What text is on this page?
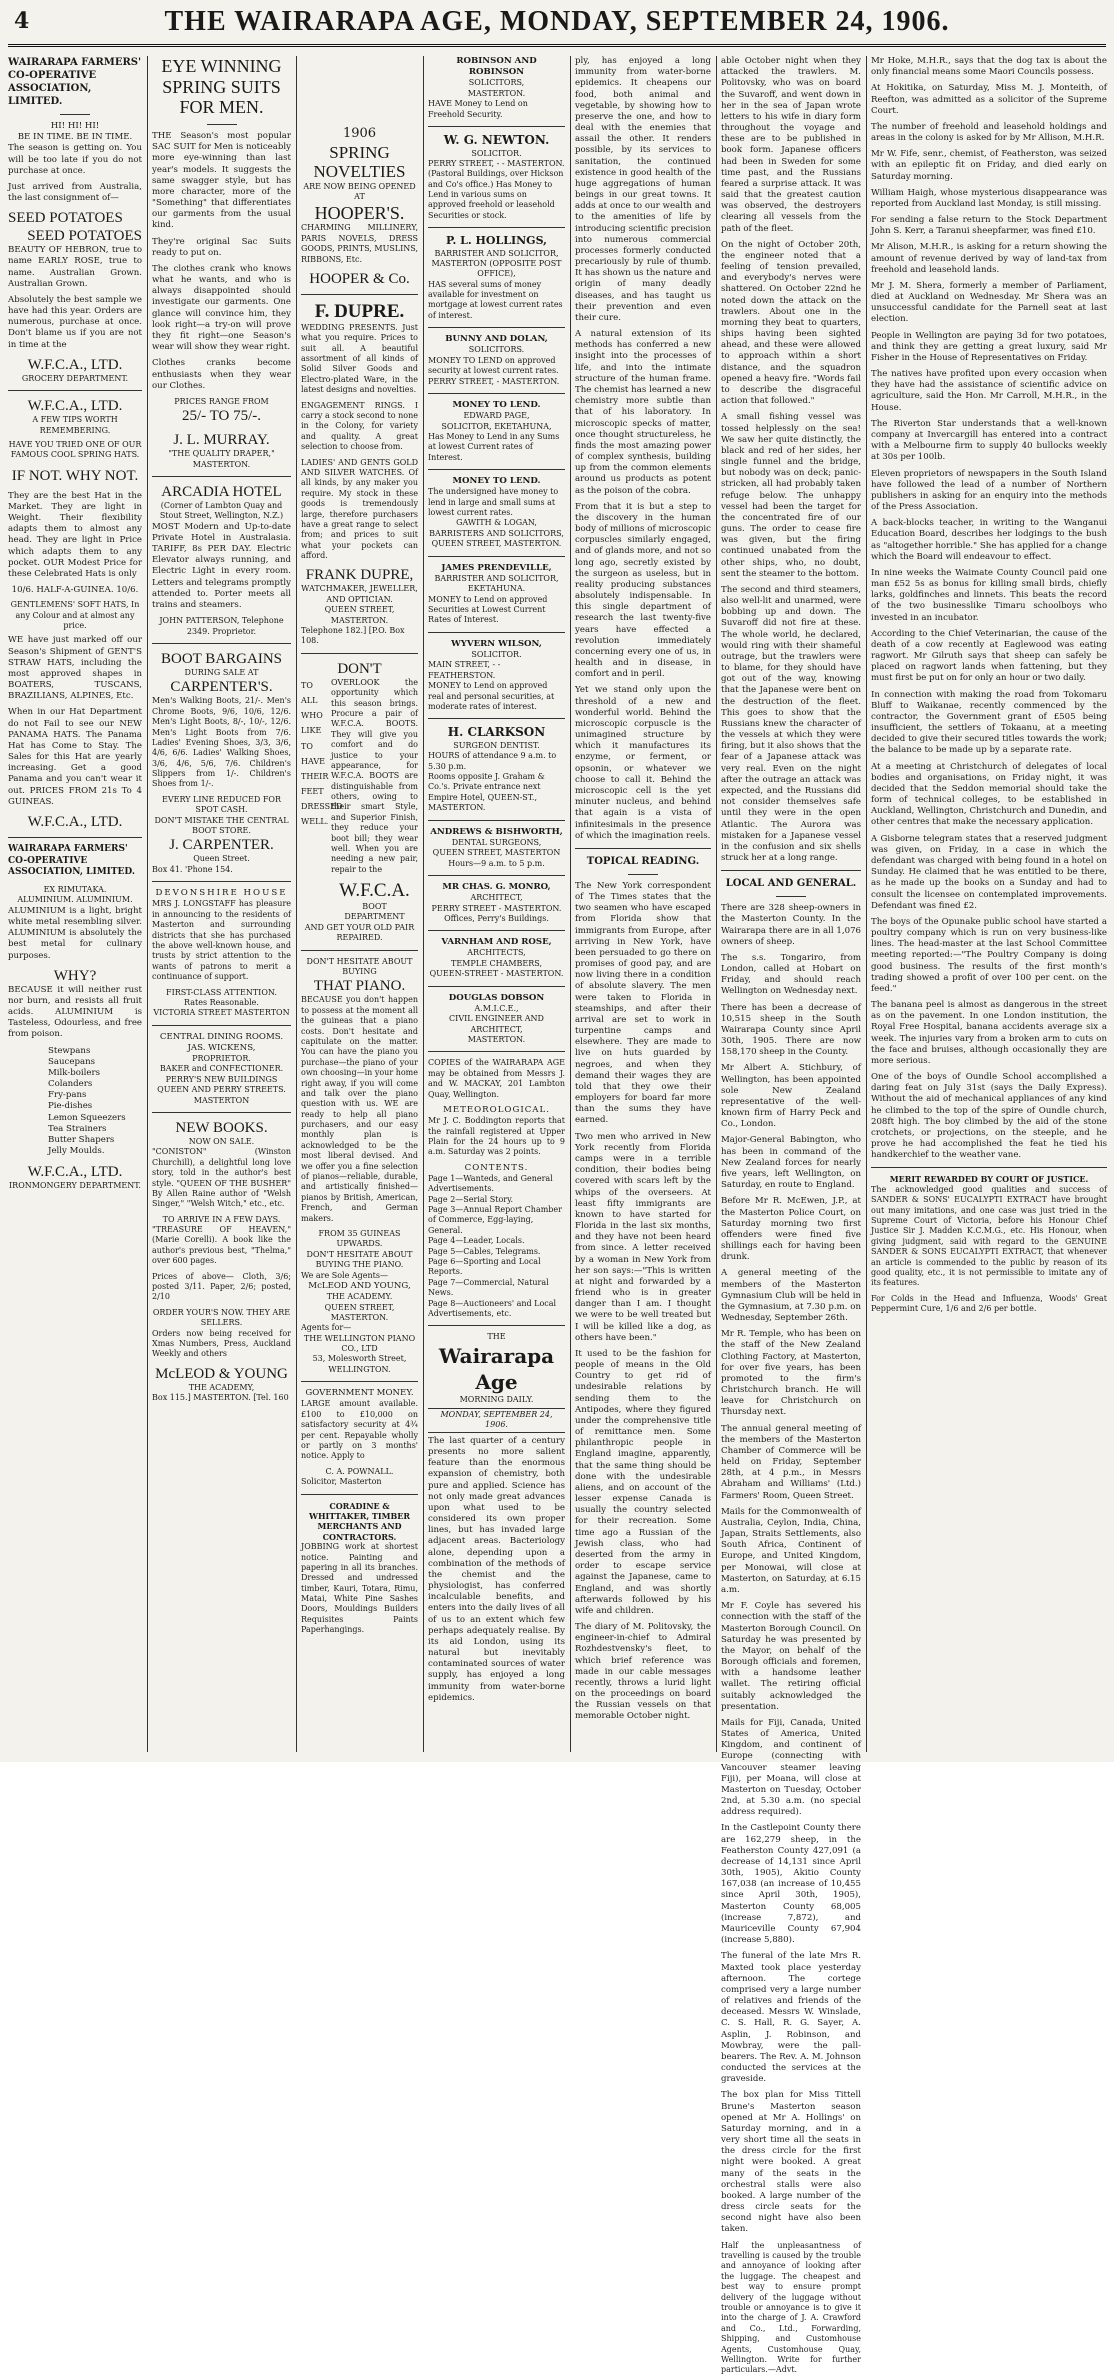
4	THE WAIRARAPA AGE, MONDAY, SEPTEMBER 24, 1906.
WAIRARAPA FARMERS' CO-OPERATIVE ASSOCIATION, LIMITED.
HI! HI! HI!
BE IN TIME. BE IN TIME.

The season is getting on. You will be too late if you do not purchase at once.

Just arrived from Australia, the last consignment of—

SEED POTATOES
SEED POTATOES

BEAUTY OF HEBRON, true to name EARLY ROSE, true to name. Australian Grown. Australian Grown.

Absolutely the best sample we have had this year. Orders are numerous, purchase at once. Don't blame us if you are not in time at the

W.F.C.A., LTD.
GROCERY DEPARTMENT.
W.F.C.A., LTD.
A FEW TIPS WORTH REMEMBERING.
HAVE YOU TRIED ONE OF OUR FAMOUS COOL SPRING HATS.
IF NOT. WHY NOT.

They are the best Hat in the Market. They are light in Weight. Their flexibility adapts them to almost any head. They are light in Price which adapts them to any pocket. OUR Modest Price for these Celebrated Hats is only

10/6. HALF-A-GUINEA. 10/6.
GENTLEMENS' SOFT HATS, In any Colour and at almost any price.

WE have just marked off our Season's Shipment of GENT'S STRAW HATS, including the most approved shapes in BOATERS, TUSCANS, BRAZILIANS, ALPINES, Etc.

When in our Hat Department do not Fail to see our NEW PANAMA HATS. The Panama Hat has Come to Stay. The Sales for this Hat are yearly increasing. Get a good Panama and you can't wear it out. PRICES FROM 21s To 4 GUINEAS.

W.F.C.A., LTD.
WAIRARAPA FARMERS' CO-OPERATIVE ASSOCIATION, LIMITED.
EX RIMUTAKA.
ALUMINIUM. ALUMINIUM.

ALUMINIUM is a light, bright white metal resembling silver. ALUMINIUM is absolutely the best metal for culinary purposes.

WHY?

BECAUSE it will neither rust nor burn, and resists all fruit acids. ALUMINIUM is Tasteless, Odourless, and free from poison.

Stewpans
Saucepans
Milk-boilers
Colanders
Fry-pans
Pie-dishes
Lemon Squeezers
Tea Strainers
Butter Shapers
Jelly Moulds.
W.F.C.A., LTD.
IRONMONGERY DEPARTMENT.
EYE WINNING SPRING SUITS FOR MEN.

THE Season's most popular SAC SUIT for Men is noticeably more eye-winning than last year's models. It suggests the same swagger style, but has more character, more of the "Something" that differentiates our garments from the usual kind.

They're original Sac Suits ready to put on.

The clothes crank who knows what he wants, and who is always disappointed should investigate our garments. One glance will convince him, they look right—a try-on will prove they fit right—one Season's wear will show they wear right.

Clothes cranks become enthusiasts when they wear our Clothes.

PRICES RANGE FROM
25/- TO 75/-.
J. L. MURRAY.
"THE QUALITY DRAPER,"
MASTERTON.
ARCADIA HOTEL
(Corner of Lambton Quay and Stout Street, Wellington, N.Z.)

MOST Modern and Up-to-date Private Hotel in Australasia. TARIFF, 8s PER DAY. Electric Elevator always running, and Electric Light in every room. Letters and telegrams promptly attended to. Porter meets all trains and steamers.

JOHN PATTERSON, Telephone 2349. Proprietor.
BOOT BARGAINS
DURING SALE AT
CARPENTER'S.

Men's Walking Boots, 21/-. Men's Chrome Boots, 9/6, 10/6, 12/6. Men's Light Boots, 8/-, 10/-, 12/6. Men's Light Boots from 7/6. Ladies' Evening Shoes, 3/3, 3/6, 4/6, 6/6. Ladies' Walking Shoes, 3/6, 4/6, 5/6, 7/6. Children's Slippers from 1/-. Children's Shoes from 1/-.

EVERY LINE REDUCED FOR SPOT CASH.
DON'T MISTAKE THE CENTRAL BOOT STORE.
J. CARPENTER.
Queen Street.
Box 41. 'Phone 154.
DEVONSHIRE HOUSE

MRS J. LONGSTAFF has pleasure in announcing to the residents of Masterton and surrounding districts that she has purchased the above well-known house, and trusts by strict attention to the wants of patrons to merit a continuance of support.

FIRST-CLASS ATTENTION.
Rates Reasonable.
VICTORIA STREET MASTERTON
CENTRAL DINING ROOMS.
JAS. WICKENS,
PROPRIETOR.
BAKER and CONFECTIONER.
PERRY'S NEW BUILDINGS
QUEEN AND PERRY STREETS.
MASTERTON
NEW BOOKS.
NOW ON SALE.

"CONISTON" (Winston Churchill), a delightful long love story, told in the author's best style. "QUEEN OF THE BUSHER" By Allen Raine author of "Welsh Singer," "Welsh Witch," etc., etc.

TO ARRIVE IN A FEW DAYS.

"TREASURE OF HEAVEN," (Marie Corelli). A book like the author's previous best, "Thelma," over 600 pages.

Prices of above— Cloth, 3/6; posted 3/11. Paper, 2/6; posted, 2/10

ORDER YOUR'S NOW. THEY ARE SELLERS.

Orders now being received for Xmas Numbers, Press, Auckland Weekly and others

McLEOD & YOUNG
THE ACADEMY,
Box 115.] MASTERTON. [Tel. 160
1906
SPRING NOVELTIES
ARE NOW BEING OPENED AT
HOOPER'S.

CHARMING MILLINERY, PARIS NOVELS, DRESS GOODS, PRINTS, MUSLINS, RIBBONS, Etc.

HOOPER & Co.
F. DUPRE.

WEDDING PRESENTS. Just what you require. Prices to suit all. A beautiful assortment of all kinds of Solid Silver Goods and Electro-plated Ware, in the latest designs and novelties.

ENGAGEMENT RINGS. I carry a stock second to none in the Colony, for variety and quality. A great selection to choose from.

LADIES' AND GENTS GOLD AND SILVER WATCHES. Of all kinds, by any maker you require. My stock in these goods is tremendously large, therefore purchasers have a great range to select from; and prices to suit what your pockets can afford.

FRANK DUPRE,
WATCHMAKER, JEWELLER, AND OPTICIAN.
QUEEN STREET, MASTERTON.
Telephone 182.] [P.O. Box 108.
DON'T
TO
ALL
WHO
LIKE
TO
HAVE
THEIR
FEET
DRESSED
WELL.

OVERLOOK the opportunity which this season brings. Procure a pair of W.F.C.A. BOOTS. They will give you comfort and do justice to your appearance, for W.F.C.A. BOOTS are distinguishable from others, owing to their smart Style, and Superior Finish, they reduce your boot bill; they wear well. When you are needing a new pair, repair to the

W.F.C.A.
BOOT DEPARTMENT
AND GET YOUR OLD PAIR REPAIRED.
DON'T HESITATE ABOUT BUYING
THAT PIANO.

BECAUSE you don't happen to possess at the moment all the guineas that a piano costs. Don't hesitate and capitulate on the matter. You can have the piano you purchase—the piano of your own choosing—in your home right away, if you will come and talk over the piano question with us. WE are ready to help all piano purchasers, and our easy monthly plan is acknowledged to be the most liberal devised. And we offer you a fine selection of pianos—reliable, durable, and artistically finished—pianos by British, American, French, and German makers.

FROM 35 GUINEAS UPWARDS.
DON'T HESITATE ABOUT BUYING THE PIANO.
We are Sole Agents—
McLEOD AND YOUNG,
THE ACADEMY.
QUEEN STREET, MASTERTON.
Agents for—
THE WELLINGTON PIANO CO., LTD
53, Molesworth Street,
WELLINGTON.
GOVERNMENT MONEY.

LARGE amount available. £100 to £10,000 on satisfactory security at 4¾ per cent. Repayable wholly or partly on 3 months' notice. Apply to

C. A. POWNALL.
Solicitor, Masterton
CORADINE & WHITTAKER, TIMBER MERCHANTS AND CONTRACTORS.

JOBBING work at shortest notice. Painting and papering in all its branches. Dressed and undressed timber, Kauri, Totara, Rimu, Matai, White Pine Sashes Doors, Mouldings Builders Requisites Paints Paperhangings.

ROBINSON AND ROBINSON
SOLICITORS,
MASTERTON.
HAVE Money to Lend on Freehold Security.
W. G. NEWTON.
SOLICITOR.
PERRY STREET, - - MASTERTON.
(Pastoral Buildings, over Hickson and Co's office.) Has Money to Lend in various sums on approved freehold or leasehold Securities or stock.
P. L. HOLLINGS,
BARRISTER AND SOLICITOR,
MASTERTON (OPPOSITE POST OFFICE),
HAS several sums of money available for investment on mortgage at lowest current rates of interest.
BUNNY AND DOLAN,
SOLICITORS.
MONEY TO LEND on approved security at lowest current rates.
PERRY STREET, - MASTERTON.
MONEY TO LEND.
EDWARD PAGE,
SOLICITOR, EKETAHUNA,
Has Money to Lend in any Sums at lowest Current rates of Interest.
MONEY TO LEND.
The undersigned have money to lend in large and small sums at lowest current rates.
GAWITH & LOGAN,
BARRISTERS AND SOLICITORS, QUEEN STREET, MASTERTON.
JAMES PRENDEVILLE,
BARRISTER AND SOLICITOR,
EKETAHUNA.
MONEY to Lend on approved Securities at Lowest Current Rates of Interest.
WYVERN WILSON,
SOLICITOR.
MAIN STREET, - - FEATHERSTON.
MONEY to Lend on approved real and personal securities, at moderate rates of interest.
H. CLARKSON
SURGEON DENTIST.
HOURS of attendance 9 a.m. to 5.30 p.m.
Rooms opposite J. Graham & Co.'s. Private entrance next Empire Hotel, QUEEN-ST., MASTERTON.
ANDREWS & BISHWORTH,
DENTAL SURGEONS,
QUEEN STREET, MASTERTON
Hours—9 a.m. to 5 p.m.
MR CHAS. G. MONRO,
ARCHITECT,
PERRY STREET - MASTERTON.
Offices, Perry's Buildings.
VARNHAM AND ROSE,
ARCHITECTS,
TEMPLE CHAMBERS,
QUEEN-STREET - MASTERTON.
DOUGLAS DOBSON
A.M.I.C.E.,
CIVIL ENGINEER AND ARCHITECT,
MASTERTON.

COPIES of the WAIRARAPA AGE may be obtained from Messrs J. and W. MACKAY, 201 Lambton Quay, Wellington.

METEOROLOGICAL.

Mr J. C. Boddington reports that the rainfall registered at Upper Plain for the 24 hours up to 9 a.m. Saturday was 2 points.

CONTENTS.
Page 1—Wanteds, and General Advertisements.
Page 2—Serial Story.
Page 3—Annual Report Chamber of Commerce, Egg-laying, General.
Page 4—Leader, Locals.
Page 5—Cables, Telegrams.
Page 6—Sporting and Local Reports.
Page 7—Commercial, Natural News.
Page 8—Auctioneers' and Local Advertisements, etc.
THE
Wairarapa Age
MORNING DAILY.
MONDAY, SEPTEMBER 24, 1906.

The last quarter of a century presents no more salient feature than the enormous expansion of chemistry, both pure and applied. Science has not only made great advances upon what used to be considered its own proper lines, but has invaded large adjacent areas. Bacteriology alone, depending upon a combination of the methods of the chemist and the physiologist, has conferred incalculable benefits, and enters into the daily lives of all of us to an extent which few perhaps adequately realise. By its aid London, using its natural but inevitably contaminated sources of water supply, has enjoyed a long immunity from water-borne epidemics.

ply, has enjoyed a long immunity from water-borne epidemics. It cheapens our food, both animal and vegetable, by showing how to preserve the one, and how to deal with the enemies that assail the other. It renders possible, by its services to sanitation, the continued existence in good health of the huge aggregations of human beings in our great towns. It adds at once to our wealth and to the amenities of life by introducing scientific precision into numerous commercial processes formerly conducted precariously by rule of thumb. It has shown us the nature and origin of many deadly diseases, and has taught us their prevention and even their cure.

A natural extension of its methods has conferred a new insight into the processes of life, and into the intimate structure of the human frame. The chemist has learned a new chemistry more subtle than that of his laboratory. In microscopic specks of matter, once thought structureless, he finds the most amazing power of complex synthesis, building up from the common elements around us products as potent as the poison of the cobra.

From that it is but a step to the discovery in the human body of millions of microscopic corpuscles similarly engaged, and of glands more, and not so long ago, secretly existed by the surgeon as useless, but in reality producing substances absolutely indispensable. In this single department of research the last twenty-five years have effected a revolution immediately concerning every one of us, in health and in disease, in comfort and in peril.

Yet we stand only upon the threshold of a new and wonderful world. Behind the microscopic corpuscle is the unimagined structure by which it manufactures its enzyme, or ferment, or opsonin, or whatever we choose to call it. Behind the microscopic cell is the yet minuter nucleus, and behind that again is a vista of infinitesimals in the presence of which the imagination reels.

TOPICAL READING.

The New York correspondent of The Times states that the two seamen who have escaped from Florida show that immigrants from Europe, after arriving in New York, have been persuaded to go there on promises of good pay, and are now living there in a condition of absolute slavery. The men were taken to Florida in steamships, and after their arrival are set to work in turpentine camps and elsewhere. They are made to live on huts guarded by negroes, and when they demand their wages they are told that they owe their employers for board far more than the sums they have earned.

Two men who arrived in New York recently from Florida camps were in a terrible condition, their bodies being covered with scars left by the whips of the overseers. At least fifty immigrants are known to have started for Florida in the last six months, and they have not been heard from since. A letter received by a woman in New York from her son says:—"This is written at night and forwarded by a friend who is in greater danger than I am. I thought we were to be well treated but I will be killed like a dog, as others have been."

It used to be the fashion for people of means in the Old Country to get rid of undesirable relations by sending them to the Antipodes, where they figured under the comprehensive title of remittance men. Some philanthropic people in England imagine, apparently, that the same thing should be done with the undesirable aliens, and on account of the lesser expense Canada is usually the country selected for their recreation. Some time ago a Russian of the Jewish class, who had deserted from the army in order to escape service against the Japanese, came to England, and was shortly afterwards followed by his wife and children.

The diary of M. Politovsky, the engineer-in-chief to Admiral Rozhdestvensky's fleet, to which brief reference was made in our cable messages recently, throws a lurid light on the proceedings on board the Russian vessels on that memorable October night.

able October night when they attacked the trawlers. M. Politovsky, who was on board the Suvaroff, and went down in her in the sea of Japan wrote letters to his wife in diary form throughout the voyage and these are to be published in book form. Japanese officers had been in Sweden for some time past, and the Russians feared a surprise attack. It was said that the greatest caution was observed, the destroyers clearing all vessels from the path of the fleet.

On the night of October 20th, the engineer noted that a feeling of tension prevailed, and everybody's nerves were shattered. On October 22nd he noted down the attack on the trawlers. About one in the morning they beat to quarters, ships having been sighted ahead, and these were allowed to approach within a short distance, and the squadron opened a heavy fire. "Words fail to describe the disgraceful action that followed."

A small fishing vessel was tossed helplessly on the sea! We saw her quite distinctly, the black and red of her sides, her single funnel and the bridge, but nobody was on deck; panic-stricken, all had probably taken refuge below. The unhappy vessel had been the target for the concentrated fire of our guns. The order to cease fire was given, but the firing continued unabated from the other ships, who, no doubt, sent the steamer to the bottom.

The second and third steamers, also well-lit and unarmed, were bobbing up and down. The Suvaroff did not fire at these. The whole world, he declared, would ring with their shameful outrage, but the trawlers were to blame, for they should have got out of the way, knowing that the Japanese were bent on the destruction of the fleet. This goes to show that the Russians knew the character of the vessels at which they were firing, but it also shows that the fear of a Japanese attack was very real. Even on the night after the outrage an attack was expected, and the Russians did not consider themselves safe until they were in the open Atlantic. The Aurora was mistaken for a Japanese vessel in the confusion and six shells struck her at a long range.

LOCAL AND GENERAL.

There are 328 sheep-owners in the Masterton County. In the Wairarapa there are in all 1,076 owners of sheep.

The s.s. Tongariro, from London, called at Hobart on Friday, and should reach Wellington on Wednesday next.

There has been a decrease of 10,515 sheep in the South Wairarapa County since April 30th, 1905. There are now 158,170 sheep in the County.

Mr Albert A. Stichbury, of Wellington, has been appointed sole New Zealand representative of the well-known firm of Harry Peck and Co., London.

Major-General Babington, who has been in command of the New Zealand forces for nearly five years, left Wellington, on Saturday, en route to England.

Before Mr R. McEwen, J.P., at the Masterton Police Court, on Saturday morning two first offenders were fined five shillings each for having been drunk.

A general meeting of the members of the Masterton Gymnasium Club will be held in the Gymnasium, at 7.30 p.m. on Wednesday, September 26th.

Mr R. Temple, who has been on the staff of the New Zealand Clothing Factory, at Masterton, for over five years, has been promoted to the firm's Christchurch branch. He will leave for Christchurch on Thursday next.

The annual general meeting of the members of the Masterton Chamber of Commerce will be held on Friday, September 28th, at 4 p.m., in Messrs Abraham and Williams' (Ltd.) Farmers' Room, Queen Street.

Mails for the Commonwealth of Australia, Ceylon, India, China, Japan, Straits Settlements, also South Africa, Continent of Europe, and United Kingdom, per Monowai, will close at Masterton, on Saturday, at 6.15 a.m.

Mr F. Coyle has severed his connection with the staff of the Masterton Borough Council. On Saturday he was presented by the Mayor, on behalf of the Borough officials and foremen, with a handsome leather wallet. The retiring official suitably acknowledged the presentation.

Mails for Fiji, Canada, United States of America, United Kingdom, and continent of Europe (connecting with Vancouver steamer leaving Fiji), per Moana, will close at Masterton on Tuesday, October 2nd, at 5.30 a.m. (no special address required).

In the Castlepoint County there are 162,279 sheep, in the Featherston County 427,091 (a decrease of 14,131 since April 30th, 1905), Akitio County 167,038 (an increase of 10,455 since April 30th, 1905), Masterton County 68,005 (increase 7,872), and Mauriceville County 67,904 (increase 5,880).

The funeral of the late Mrs R. Maxted took place yesterday afternoon. The cortege comprised very a large number of relatives and friends of the deceased. Messrs W. Winslade, C. S. Hall, R. G. Sayer, A. Asplin, J. Robinson, and Mowbray, were the pall-bearers. The Rev. A. M. Johnson conducted the services at the graveside.

The box plan for Miss Tittell Brune's Masterton season opened at Mr A. Hollings' on Saturday morning, and in a very short time all the seats in the dress circle for the first night were booked. A great many of the seats in the orchestral stalls were also booked. A large number of the dress circle seats for the second night have also been taken.

Half the unpleasantness of travelling is caused by the trouble and annoyance of looking after the luggage. The cheapest and best way to ensure prompt delivery of the luggage without trouble or annoyance is to give it into the charge of J. A. Crawford and Co., Ltd., Forwarding, Shipping, and Customhouse Agents, Customhouse Quay, Wellington. Write for further particulars.—Advt.

Mr Hoke, M.H.R., says that the dog tax is about the only financial means some Maori Councils possess.

At Hokitika, on Saturday, Miss M. J. Monteith, of Reefton, was admitted as a solicitor of the Supreme Court.

The number of freehold and leasehold holdings and areas in the colony is asked for by Mr Allison, M.H.R.

Mr W. Fife, senr., chemist, of Featherston, was seized with an epileptic fit on Friday, and died early on Saturday morning.

William Haigh, whose mysterious disappearance was reported from Auckland last Monday, is still missing.

For sending a false return to the Stock Department John S. Kerr, a Taranui sheepfarmer, was fined £10.

Mr Alison, M.H.R., is asking for a return showing the amount of revenue derived by way of land-tax from freehold and leasehold lands.

Mr J. M. Shera, formerly a member of Parliament, died at Auckland on Wednesday. Mr Shera was an unsuccessful candidate for the Parnell seat at last election.

People in Wellington are paying 3d for two potatoes, and think they are getting a great luxury, said Mr Fisher in the House of Representatives on Friday.

The natives have profited upon every occasion when they have had the assistance of scientific advice on agriculture, said the Hon. Mr Carroll, M.H.R., in the House.

The Riverton Star understands that a well-known company at Invercargill has entered into a contract with a Melbourne firm to supply 40 bullocks weekly at 30s per 100lb.

Eleven proprietors of newspapers in the South Island have followed the lead of a number of Northern publishers in asking for an enquiry into the methods of the Press Association.

A back-blocks teacher, in writing to the Wanganui Education Board, describes her lodgings to the bush as "altogether horrible." She has applied for a change which the Board will endeavour to effect.

In nine weeks the Waimate County Council paid one man £52 5s as bonus for killing small birds, chiefly larks, goldfinches and linnets. This beats the record of the two businesslike Timaru schoolboys who invested in an incubator.

According to the Chief Veterinarian, the cause of the death of a cow recently at Eaglewood was eating ragwort. Mr Gilruth says that sheep can safely be placed on ragwort lands when fattening, but they must first be put on for only an hour or two daily.

In connection with making the road from Tokomaru Bluff to Waikanae, recently commenced by the contractor, the Government grant of £505 being insufficient, the settlers of Tokaanu, at a meeting decided to give their secured titles towards the work; the balance to be made up by a separate rate.

At a meeting at Christchurch of delegates of local bodies and organisations, on Friday night, it was decided that the Seddon memorial should take the form of technical colleges, to be established in Auckland, Wellington, Christchurch and Dunedin, and other centres that make the necessary application.

A Gisborne telegram states that a reserved judgment was given, on Friday, in a case in which the defendant was charged with being found in a hotel on Sunday. He claimed that he was entitled to be there, as he made up the books on a Sunday and had to consult the licensee on contemplated improvements. Defendant was fined £2.

The boys of the Opunake public school have started a poultry company which is run on very business-like lines. The head-master at the last School Committee meeting reported:—"The Poultry Company is doing good business. The results of the first month's trading showed a profit of over 100 per cent. on the feed."

The banana peel is almost as dangerous in the street as on the pavement. In one London institution, the Royal Free Hospital, banana accidents average six a week. The injuries vary from a broken arm to cuts on the face and bruises, although occasionally they are more serious.

One of the boys of Oundle School accomplished a daring feat on July 31st (says the Daily Express). Without the aid of mechanical appliances of any kind he climbed to the top of the spire of Oundle church, 208ft high. The boy climbed by the aid of the stone crotchets, or projections, on the steeple, and he prove he had accomplished the feat he tied his handkerchief to the weather vane.

MERIT REWARDED BY COURT OF JUSTICE.

The acknowledged good qualities and success of SANDER & SONS' EUCALYPTI EXTRACT have brought out many imitations, and one case was just tried in the Supreme Court of Victoria, before his Honour Chief Justice Sir J. Madden K.C.M.G., etc. His Honour, when giving judgment, said with regard to the GENUINE SANDER & SONS EUCALYPTI EXTRACT, that whenever an article is commended to the public by reason of its good quality, etc., it is not permissible to imitate any of its features.

For Colds in the Head and Influenza, Woods' Great Peppermint Cure, 1/6 and 2/6 per bottle.
